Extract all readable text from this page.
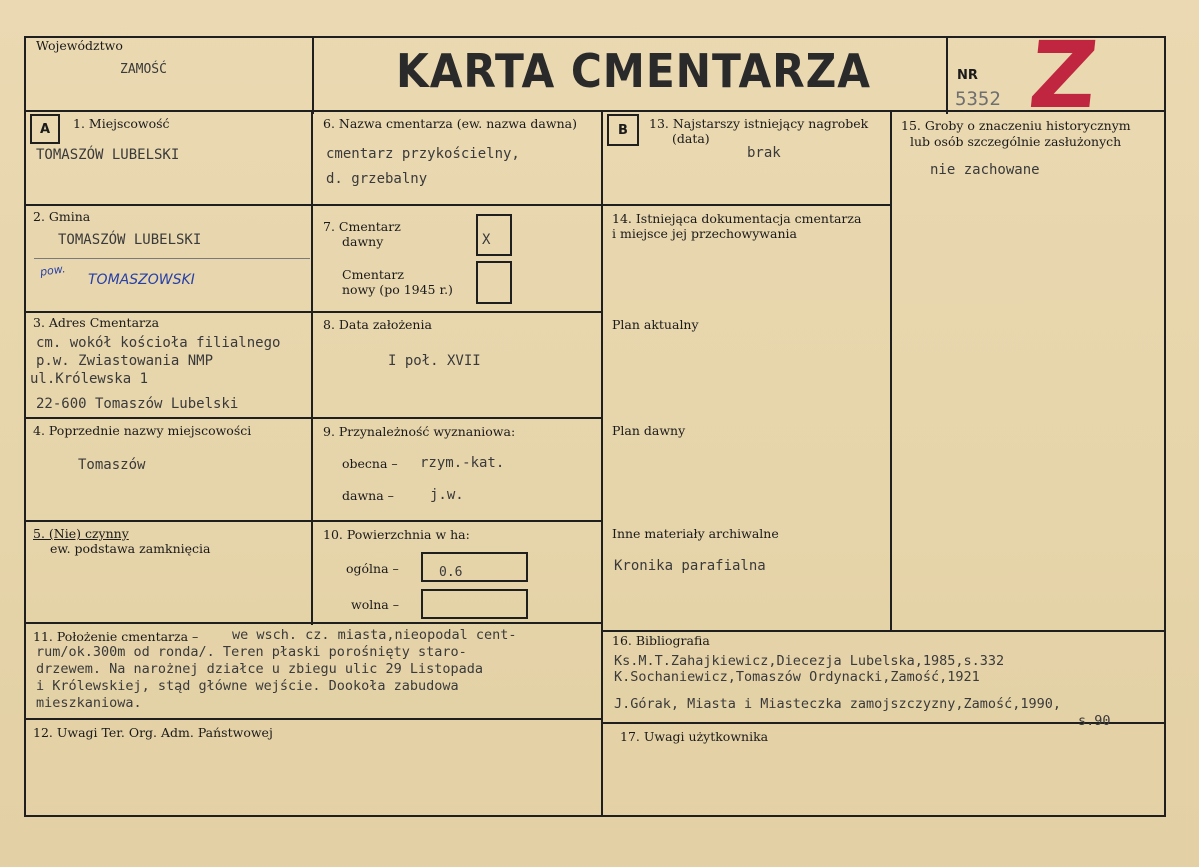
Województwo
ZAMOŚĆ	KARTA CMENTARZA	NR
5352 Z
A	1. Miejscowość
TOMASZÓW LUBELSKI
2. Gmina
TOMASZÓW LUBELSKI
pow.
TOMASZOWSKI
3. Adres Cmentarza
cm. wokół kościoła filialnego
p.w. Zwiastowania NMP
ul.Królewska 1
22-600 Tomaszów Lubelski
4. Poprzednie nazwy miejscowości
Tomaszów
5. (Nie) czynny
ew. podstawa zamknięcia
6. Nazwa cmentarza (ew. nazwa dawna)
cmentarz przykościelny,
d. grzebalny
7. Cmentarz
dawny	X
Cmentarz
nowy (po 1945 r.)
8. Data założenia
I poł. XVII
9. Przynależność wyznaniowa:
obecna – rzym.-kat.
dawna –	j.w.
10. Powierzchnia w ha:
ogólna –	0.6
wolna –
B	13. Najstarszy istniejący nagrobek
(data)
brak
14. Istniejąca dokumentacja cmentarza
i miejsce jej przechowywania
Plan aktualny
Plan dawny
Inne materiały archiwalne
Kronika parafialna
15. Groby o znaczeniu historycznym
lub osób szczególnie zasłużonych
nie zachowane
11. Położenie cmentarza – we wsch. cz. miasta,nieopodal cent-
rum/ok.300m od ronda/. Teren płaski porośnięty staro-
drzewem. Na narożnej działce u zbiegu ulic 29 Listopada
i Królewskiej, stąd główne wejście. Dookoła zabudowa
mieszkaniowa.
16. Bibliografia
Ks.M.T.Zahajkiewicz,Diecezja Lubelska,1985,s.332
K.Sochaniewicz,Tomaszów Ordynacki,Zamość,1921
J.Górak, Miasta i Miasteczka zamojszczyzny,Zamość,1990,
s.90
12. Uwagi Ter. Org. Adm. Państwowej	17. Uwagi użytkownika
